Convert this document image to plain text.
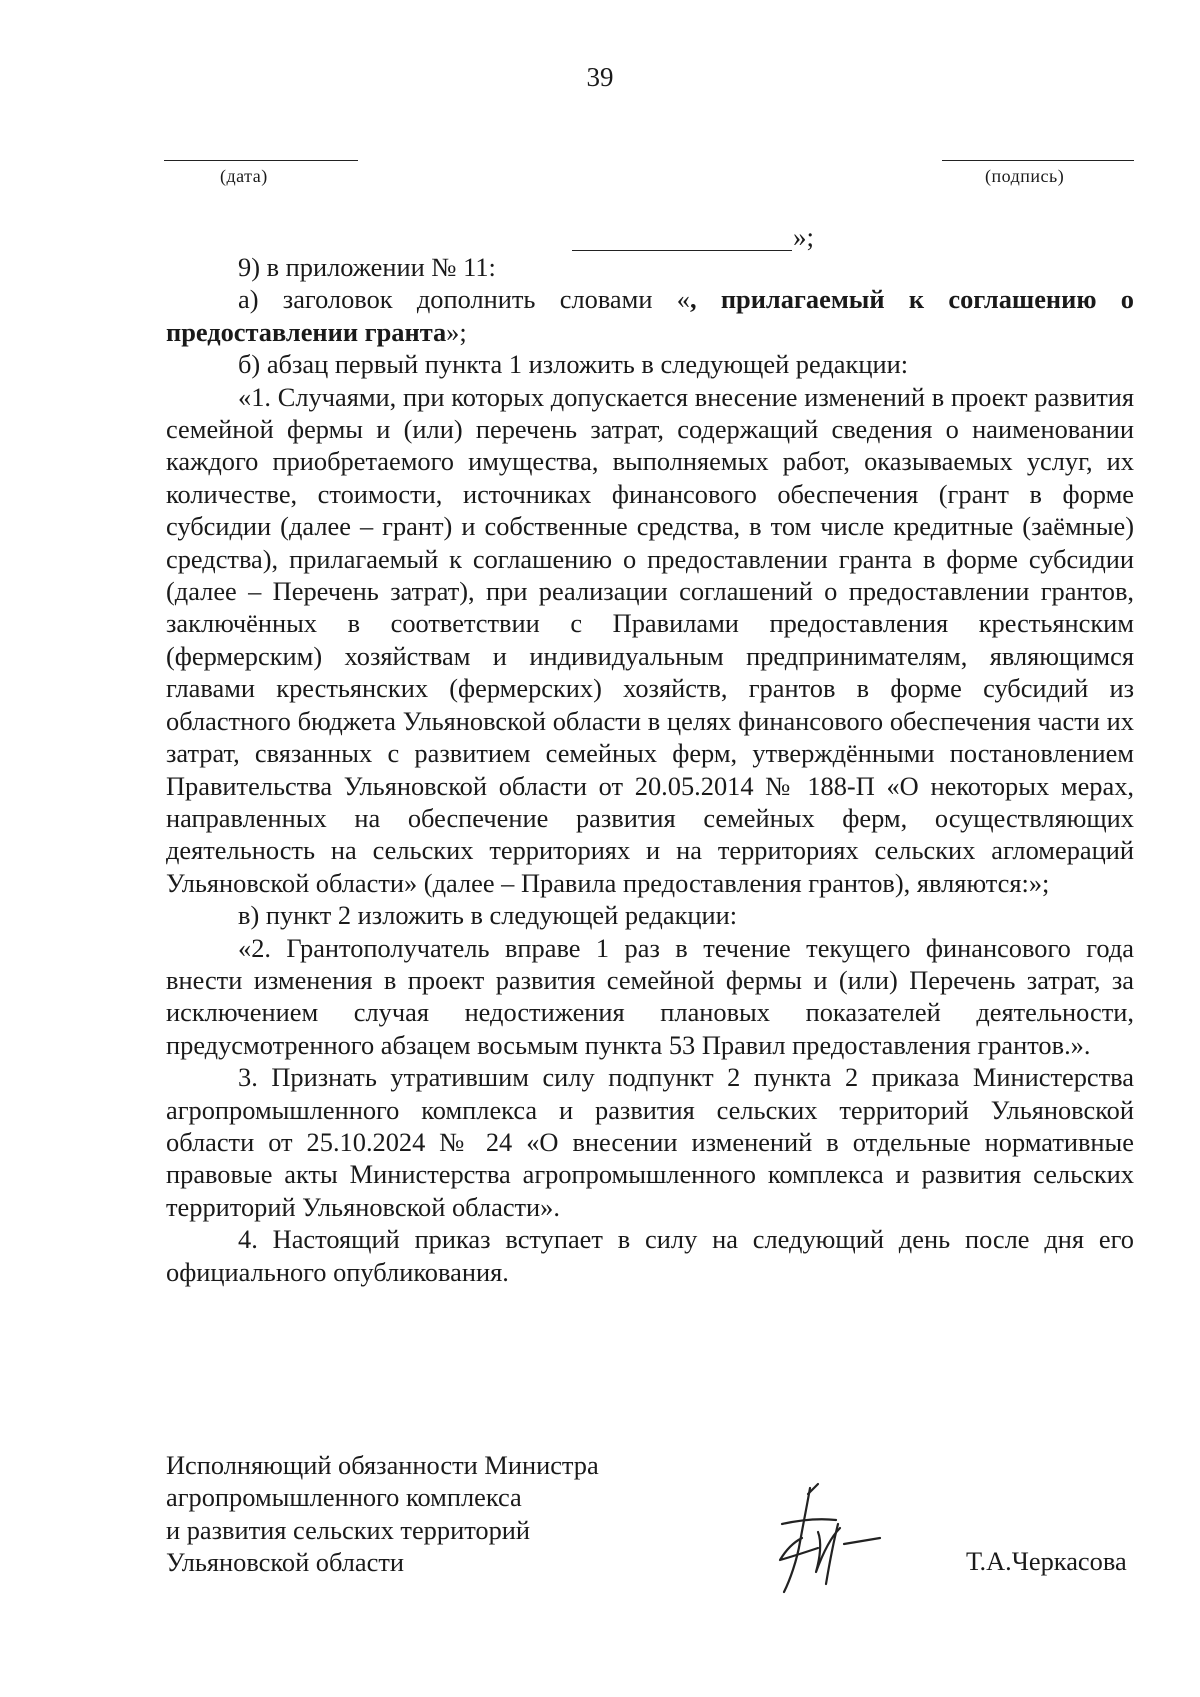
39
(дата)	(подпись)
»;

9) в приложении № 11:

а) заголовок дополнить словами «, прилагаемый к соглашению о предоставлении гранта»;

б) абзац первый пункта 1 изложить в следующей редакции:

«1. Случаями, при которых допускается внесение изменений в проект развития семейной фермы и (или) перечень затрат, содержащий сведения о наименовании каждого приобретаемого имущества, выполняемых работ, оказываемых услуг, их количестве, стоимости, источниках финансового обеспечения (грант в форме субсидии (далее – грант) и собственные средства, в том числе кредитные (заёмные) средства), прилагаемый к соглашению о предоставлении гранта в форме субсидии (далее – Перечень затрат), при реализации соглашений о предоставлении грантов, заключённых в соответствии с Правилами предоставления крестьянским (фермерским) хозяйствам и индивидуальным предпринимателям, являющимся главами крестьянских (фермерских) хозяйств, грантов в форме субсидий из областного бюджета Ульяновской области в целях финансового обеспечения части их затрат, связанных с развитием семейных ферм, утверждёнными постановлением Правительства Ульяновской области от 20.05.2014 № 188-П «О некоторых мерах, направленных на обеспечение развития семейных ферм, осуществляющих деятельность на сельских территориях и на территориях сельских агломераций Ульяновской области» (далее – Правила предоставления грантов), являются:»;

в) пункт 2 изложить в следующей редакции:

«2. Грантополучатель вправе 1 раз в течение текущего финансового года внести изменения в проект развития семейной фермы и (или) Перечень затрат, за исключением случая недостижения плановых показателей деятельности, предусмотренного абзацем восьмым пункта 53 Правил предоставления грантов.».

3. Признать утратившим силу подпункт 2 пункта 2 приказа Министерства агропромышленного комплекса и развития сельских территорий Ульяновской области от 25.10.2024 № 24 «О внесении изменений в отдельные нормативные правовые акты Министерства агропромышленного комплекса и развития сельских территорий Ульяновской области».

4. Настоящий приказ вступает в силу на следующий день после дня его официального опубликования.

Исполняющий обязанности Министра
агропромышленного комплекса
и развития сельских территорий
Ульяновской области	Т.А.Черкасова
